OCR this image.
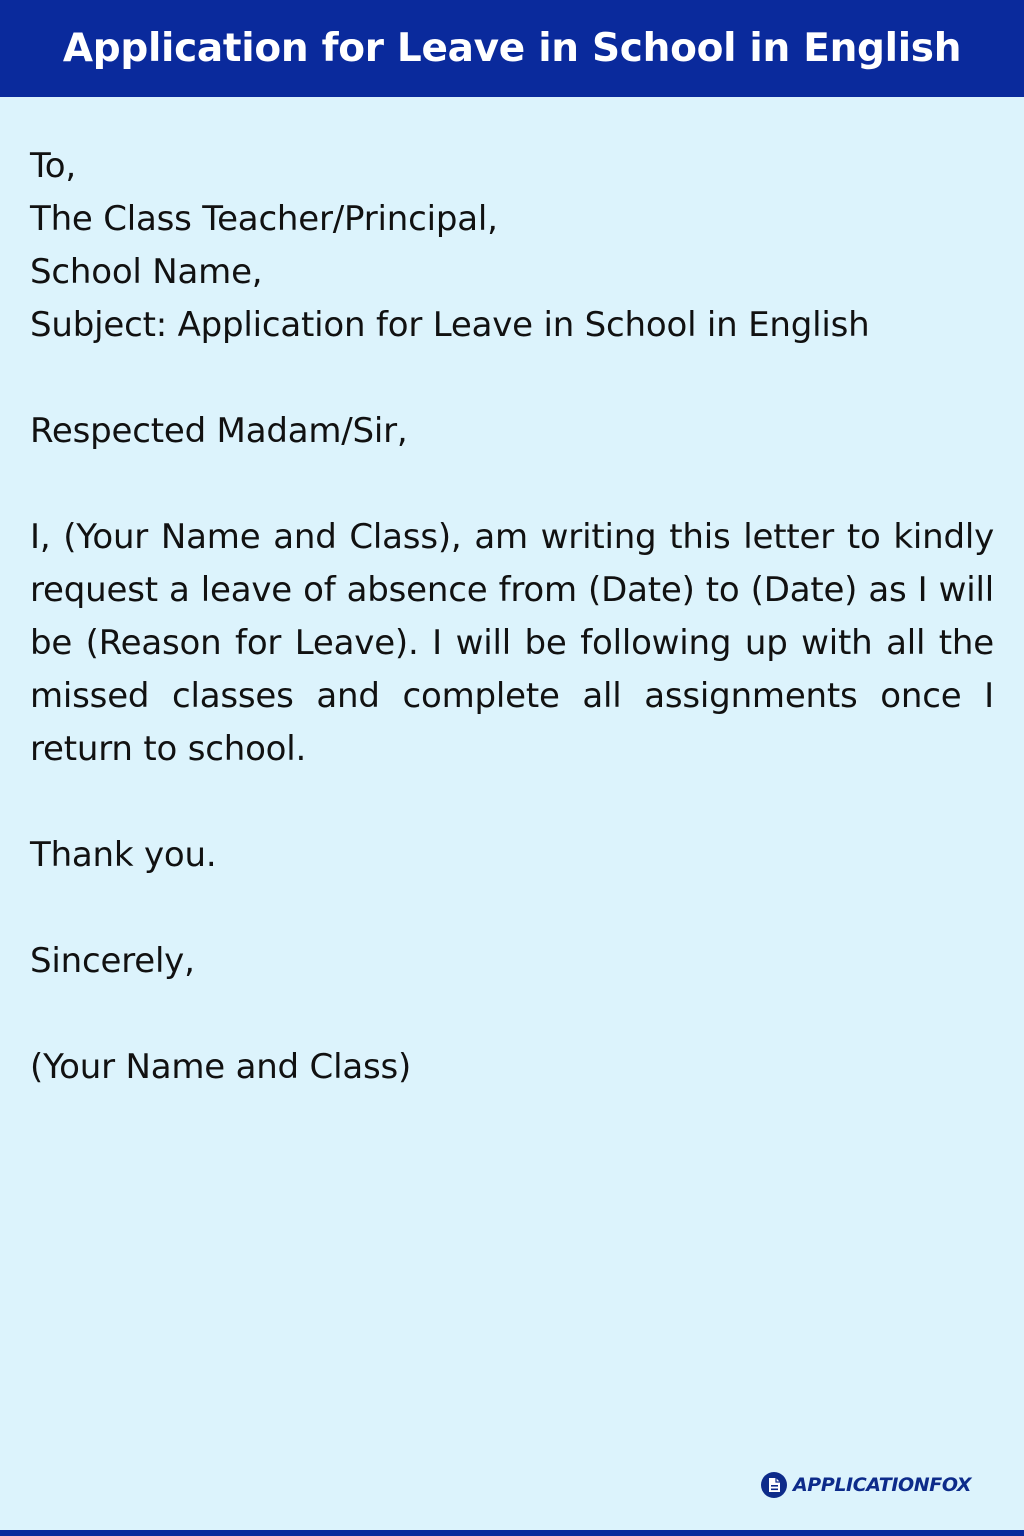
Application for Leave in School in English
To,
The Class Teacher/Principal,
School Name,
Subject: Application for Leave in School in English
Respected Madam/Sir,

I, (Your Name and Class), am writing this letter to kindly request a leave of absence from (Date) to (Date) as I will be (Reason for Leave). I will be following up with all the missed classes and complete all assignments once I return to school.

Thank you.
Sincerely,
(Your Name and Class)
APPLICATIONFOX
